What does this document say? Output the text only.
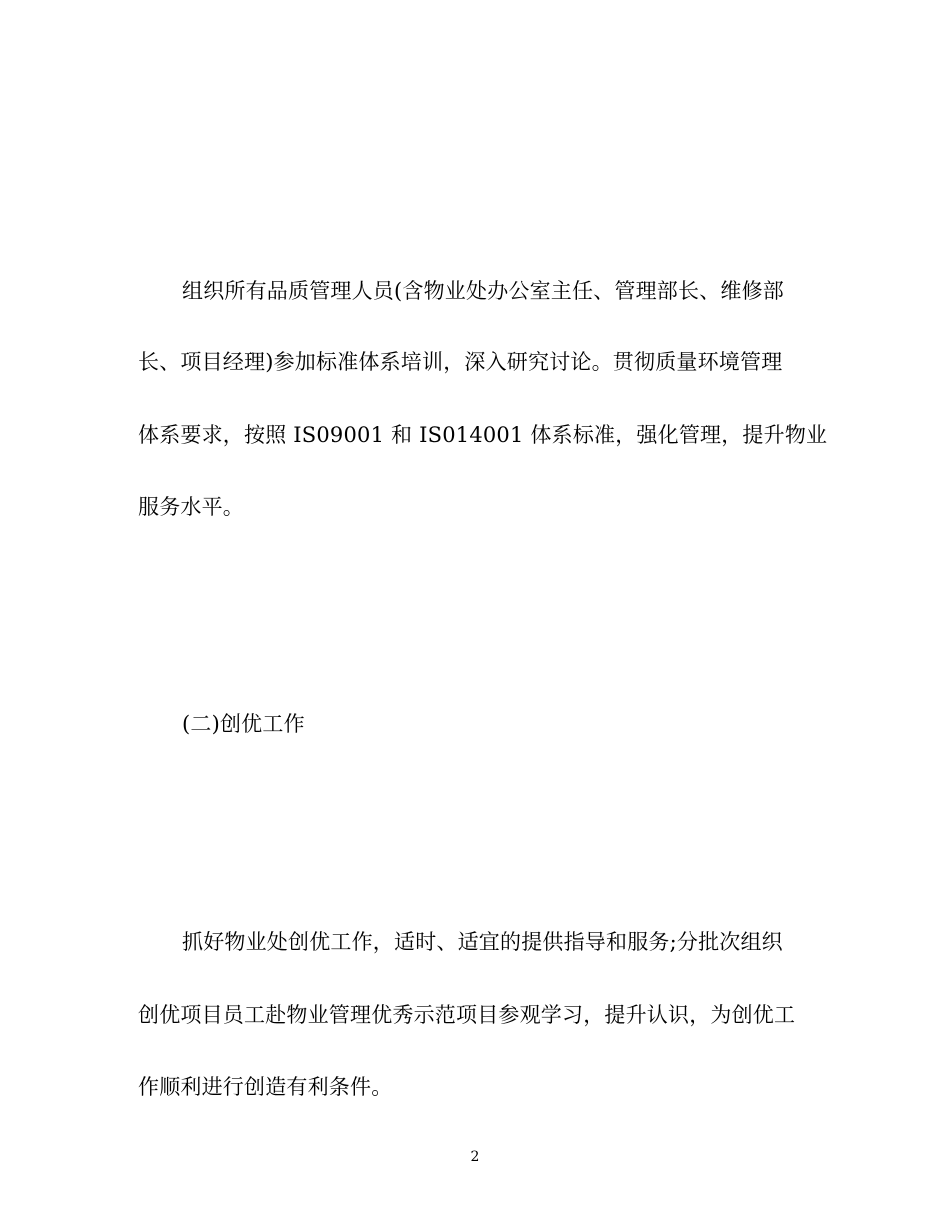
组织所有品质管理人员(含物业处办公室主任、管理部长、维修部
长、项目经理)参加标准体系培训，深入研究讨论。贯彻质量环境管理
体系要求，按照 IS09001 和 IS014001 体系标准，强化管理，提升物业
服务水平。
(二)创优工作
抓好物业处创优工作，适时、适宜的提供指导和服务;分批次组织
创优项目员工赴物业管理优秀示范项目参观学习，提升认识，为创优工
作顺利进行创造有利条件。
2
